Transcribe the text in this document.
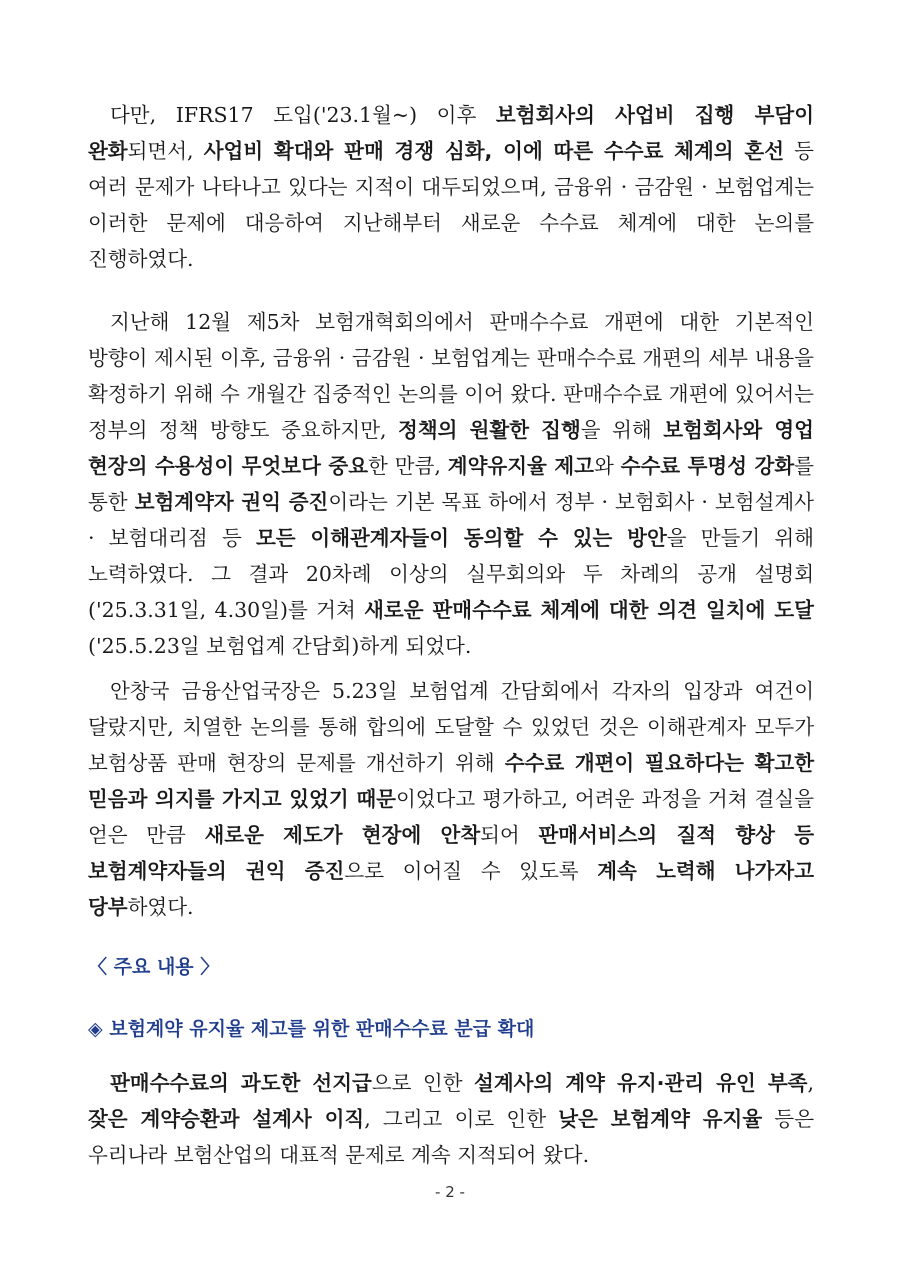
다만, IFRS17 도입('23.1월~) 이후 보험회사의 사업비 집행 부담이 완화되면서, 사업비 확대와 판매 경쟁 심화, 이에 따른 수수료 체계의 혼선 등 여러 문제가 나타나고 있다는 지적이 대두되었으며, 금융위 · 금감원 · 보험업계는 이러한 문제에 대응하여 지난해부터 새로운 수수료 체계에 대한 논의를 진행하였다.
지난해 12월 제5차 보험개혁회의에서 판매수수료 개편에 대한 기본적인 방향이 제시된 이후, 금융위 · 금감원 · 보험업계는 판매수수료 개편의 세부 내용을 확정하기 위해 수 개월간 집중적인 논의를 이어 왔다. 판매수수료 개편에 있어서는 정부의 정책 방향도 중요하지만, 정책의 원활한 집행을 위해 보험회사와 영업 현장의 수용성이 무엇보다 중요한 만큼, 계약유지율 제고와 수수료 투명성 강화를 통한 보험계약자 권익 증진이라는 기본 목표 하에서 정부 · 보험회사 · 보험설계사 · 보험대리점 등 모든 이해관계자들이 동의할 수 있는 방안을 만들기 위해 노력하였다. 그 결과 20차례 이상의 실무회의와 두 차례의 공개 설명회('25.3.31일, 4.30일)를 거쳐 새로운 판매수수료 체계에 대한 의견 일치에 도달('25.5.23일 보험업계 간담회)하게 되었다.
안창국 금융산업국장은 5.23일 보험업계 간담회에서 각자의 입장과 여건이 달랐지만, 치열한 논의를 통해 합의에 도달할 수 있었던 것은 이해관계자 모두가 보험상품 판매 현장의 문제를 개선하기 위해 수수료 개편이 필요하다는 확고한 믿음과 의지를 가지고 있었기 때문이었다고 평가하고, 어려운 과정을 거쳐 결실을 얻은 만큼 새로운 제도가 현장에 안착되어 판매서비스의 질적 향상 등 보험계약자들의 권익 증진으로 이어질 수 있도록 계속 노력해 나가자고 당부하였다.
〈 주요 내용 〉
◈ 보험계약 유지율 제고를 위한 판매수수료 분급 확대
판매수수료의 과도한 선지급으로 인한 설계사의 계약 유지·관리 유인 부족, 잦은 계약승환과 설계사 이직, 그리고 이로 인한 낮은 보험계약 유지율 등은 우리나라 보험산업의 대표적 문제로 계속 지적되어 왔다.
- 2 -
